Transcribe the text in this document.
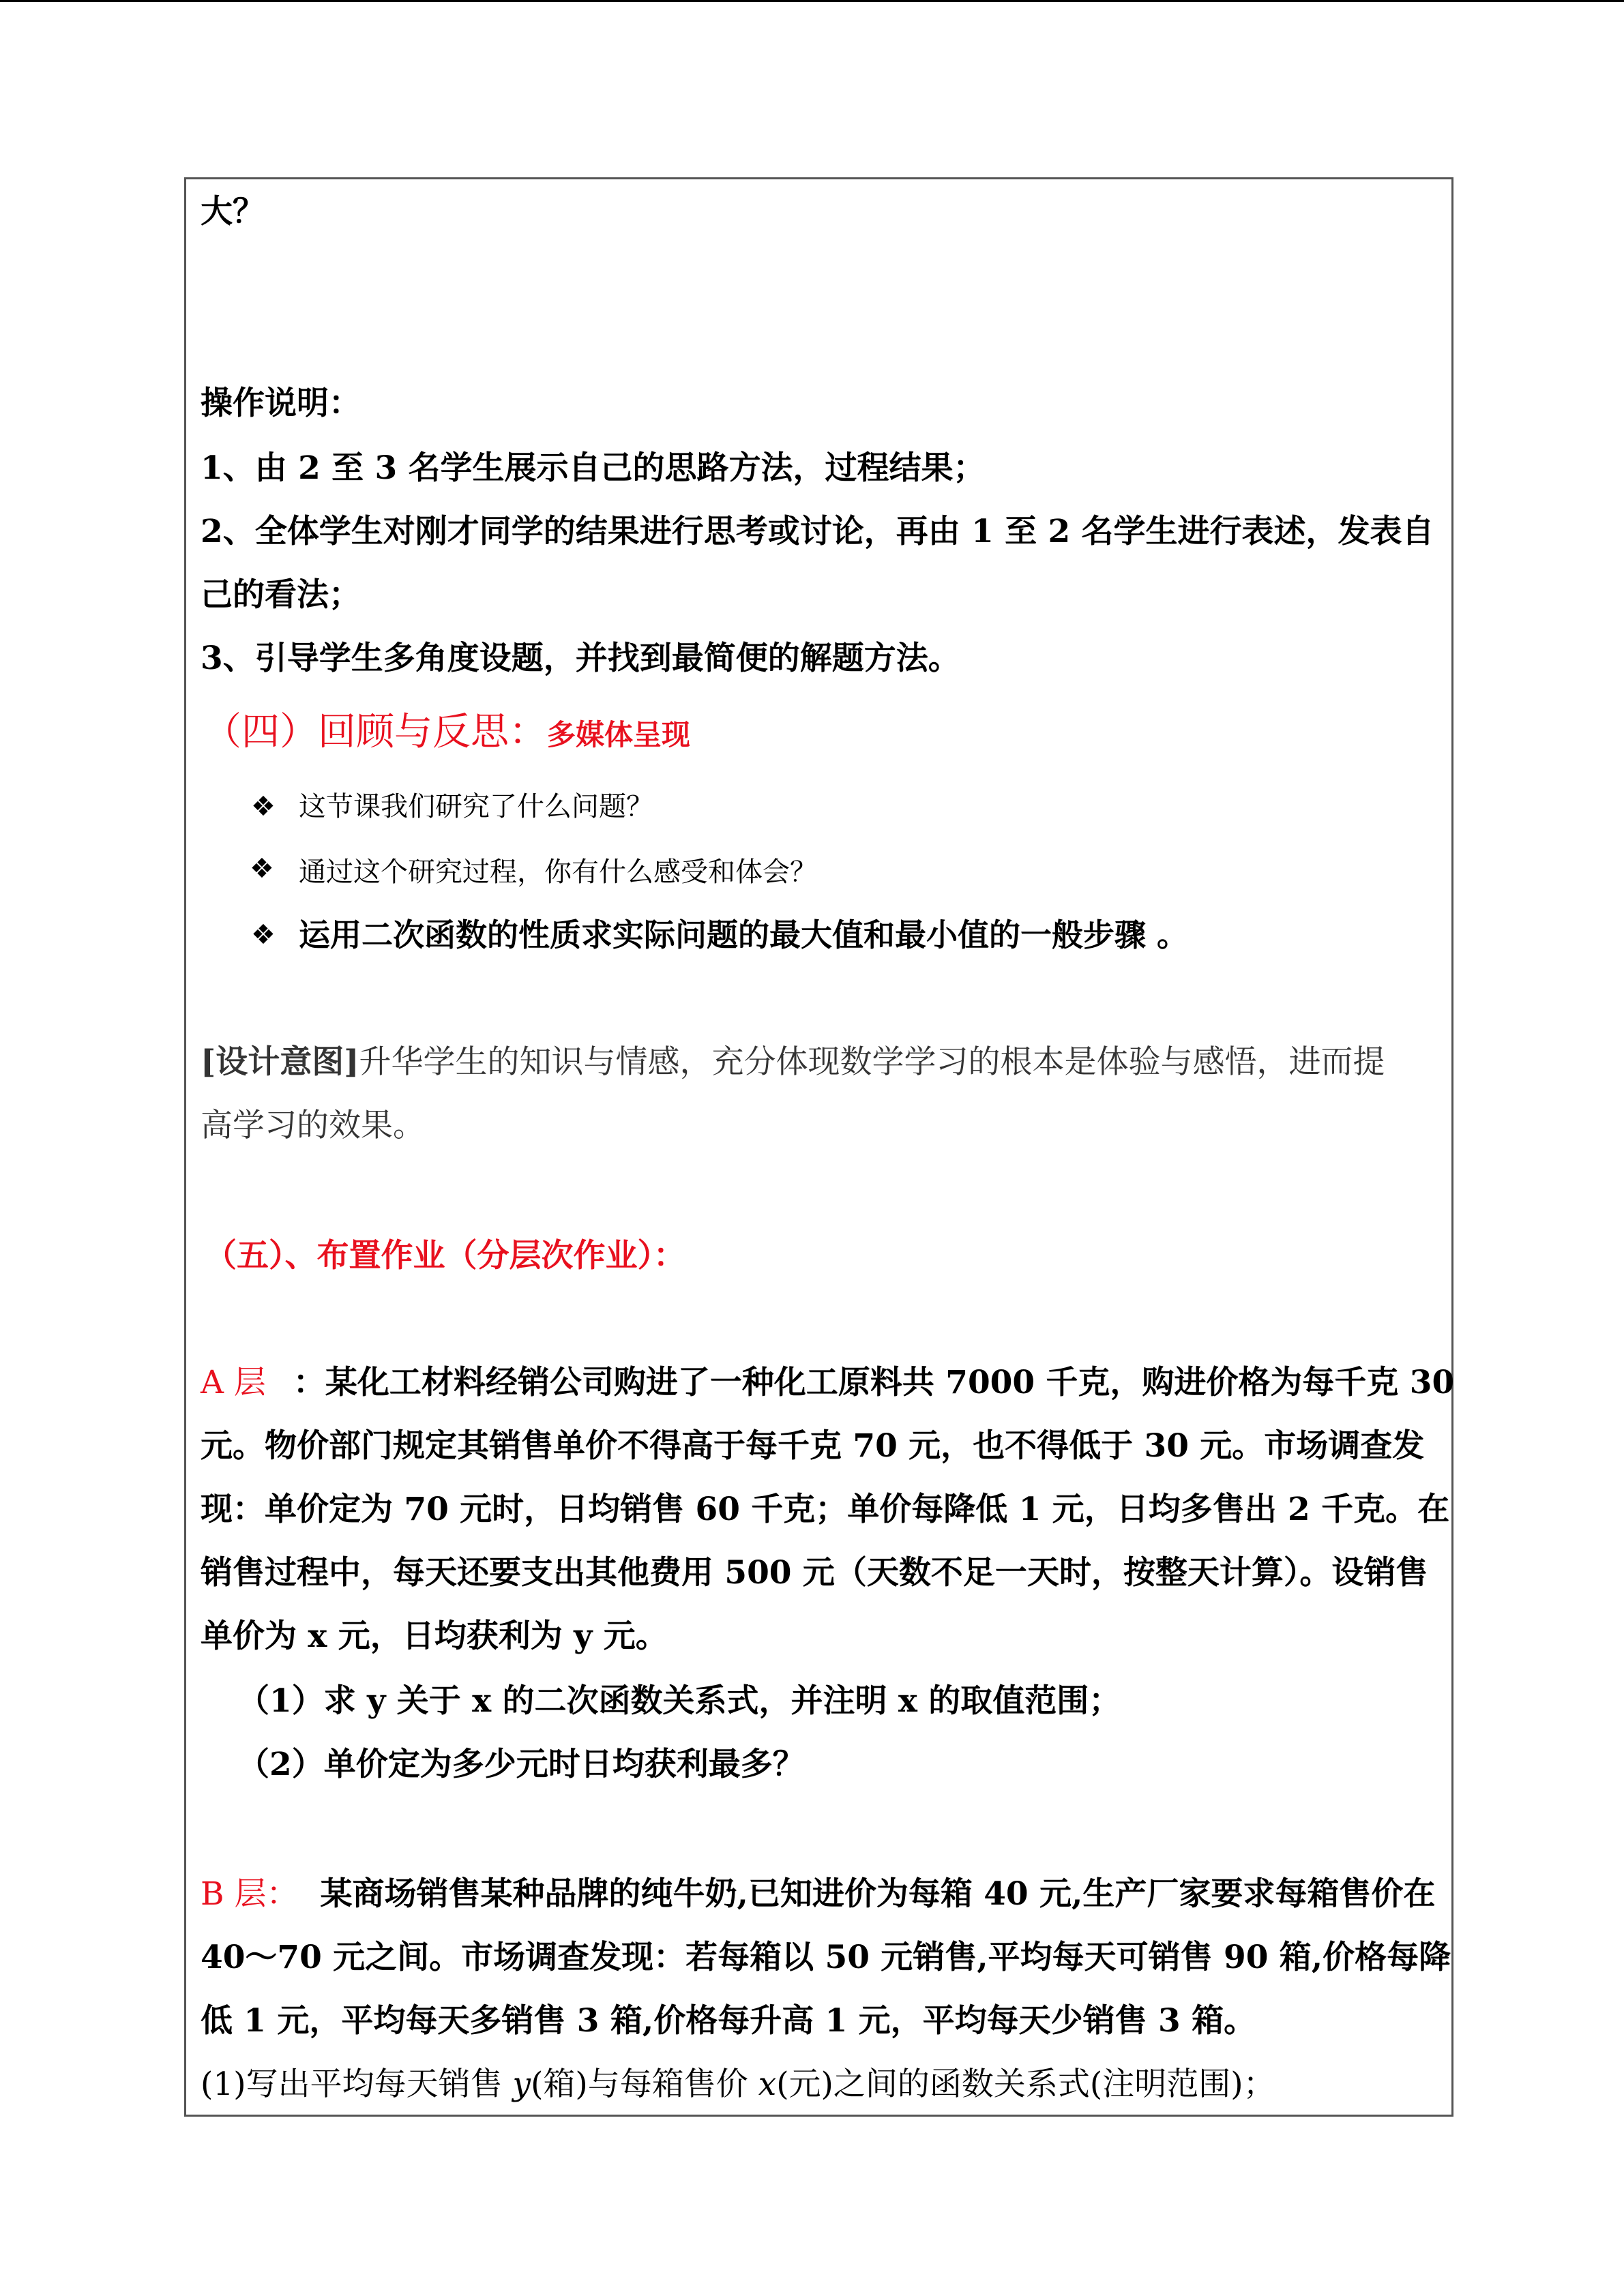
大？
操作说明：
1、由 2 至 3 名学生展示自己的思路方法，过程结果；
2、全体学生对刚才同学的结果进行思考或讨论，再由 1 至 2 名学生进行表述，发表自
己的看法；
3、引导学生多角度设题，并找到最简便的解题方法。
（四）回顾与反思：多媒体呈现
❖ 这节课我们研究了什么问题？
❖ 通过这个研究过程，你有什么感受和体会？
❖ 运用二次函数的性质求实际问题的最大值和最小值的一般步骤 。
[设计意图]升华学生的知识与情感，充分体现数学学习的根本是体验与感悟，进而提
高学习的效果。
（五）、布置作业（分层次作业）：
A 层 ：某化工材料经销公司购进了一种化工原料共 7000 千克，购进价格为每千克 30
元。物价部门规定其销售单价不得高于每千克 70 元，也不得低于 30 元。市场调查发
现：单价定为 70 元时，日均销售 60 千克；单价每降低 1 元，日均多售出 2 千克。在
销售过程中，每天还要支出其他费用 500 元（天数不足一天时，按整天计算）。设销售
单价为 x 元，日均获利为 y 元。
（1）求 y 关于 x 的二次函数关系式，并注明 x 的取值范围；
（2）单价定为多少元时日均获利最多？
B 层： 某商场销售某种品牌的纯牛奶,已知进价为每箱 40 元,生产厂家要求每箱售价在
40～70 元之间。市场调查发现：若每箱以 50 元销售,平均每天可销售 90 箱,价格每降
低 1 元，平均每天多销售 3 箱,价格每升高 1 元，平均每天少销售 3 箱。
(1)写出平均每天销售 y(箱)与每箱售价 x(元)之间的函数关系式(注明范围)；
